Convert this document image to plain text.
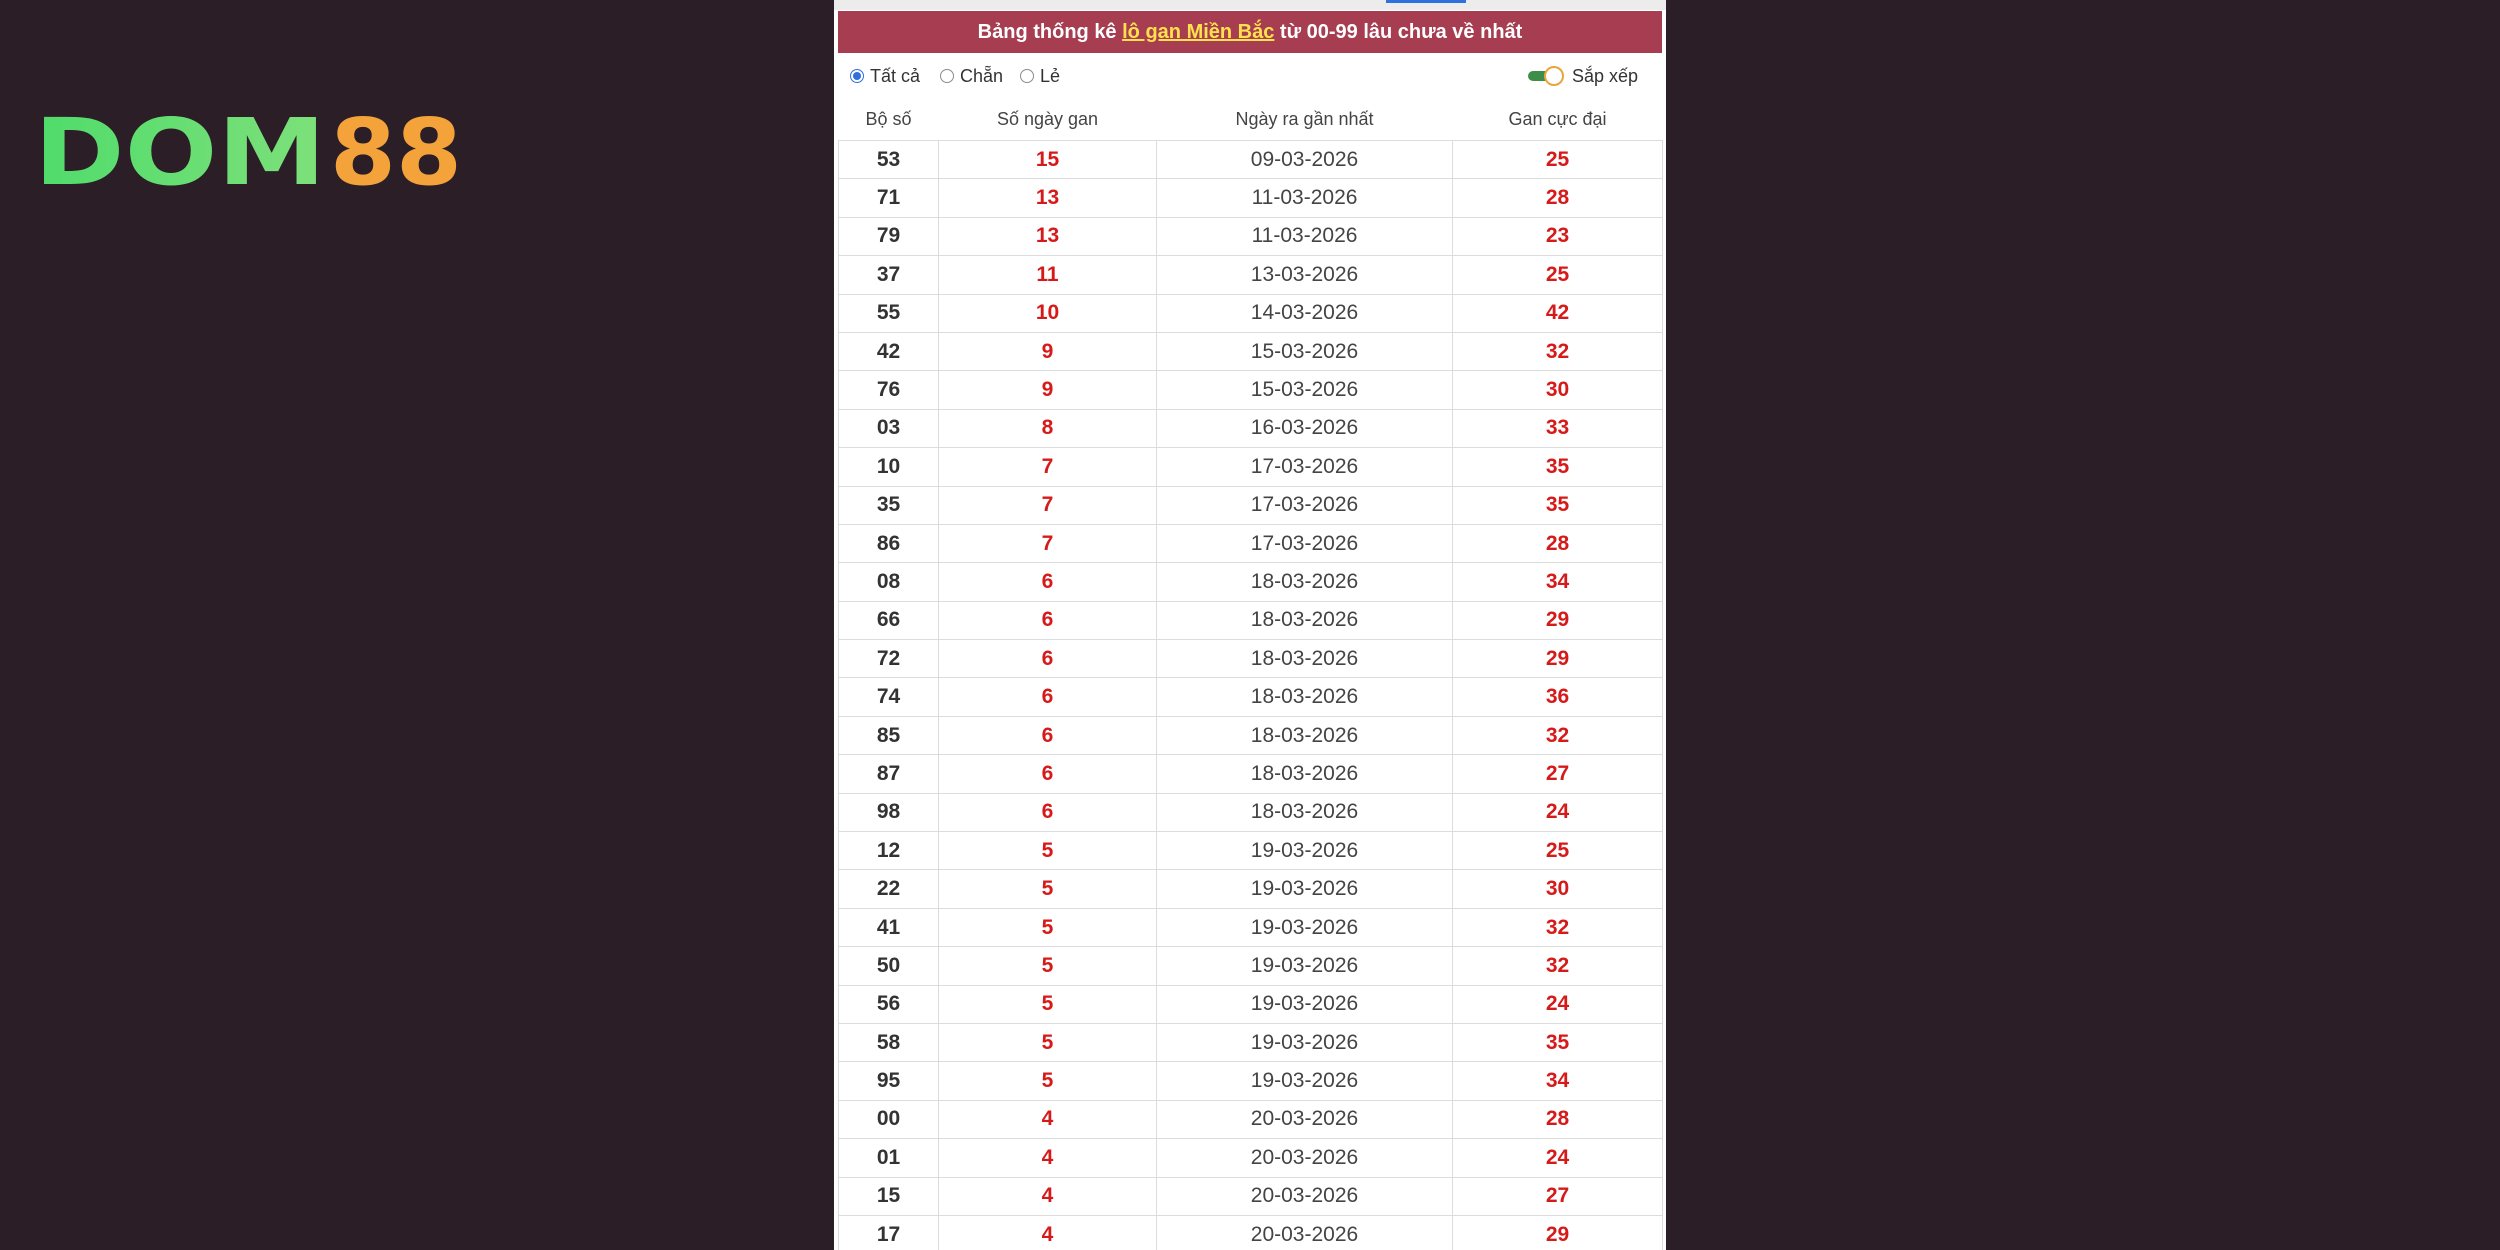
DOM 88
Bảng thống kê lô gan Miền Bắc từ 00-99 lâu chưa về nhất
Tất cả Chẵn Lẻ	Sắp xếp
Bộ số	Số ngày gan	Ngày ra gần nhất	Gan cực đại
53	15	09-03-2026	25
71	13	11-03-2026	28
79	13	11-03-2026	23
37	11	13-03-2026	25
55	10	14-03-2026	42
42	9	15-03-2026	32
76	9	15-03-2026	30
03	8	16-03-2026	33
10	7	17-03-2026	35
35	7	17-03-2026	35
86	7	17-03-2026	28
08	6	18-03-2026	34
66	6	18-03-2026	29
72	6	18-03-2026	29
74	6	18-03-2026	36
85	6	18-03-2026	32
87	6	18-03-2026	27
98	6	18-03-2026	24
12	5	19-03-2026	25
22	5	19-03-2026	30
41	5	19-03-2026	32
50	5	19-03-2026	32
56	5	19-03-2026	24
58	5	19-03-2026	35
95	5	19-03-2026	34
00	4	20-03-2026	28
01	4	20-03-2026	24
15	4	20-03-2026	27
17	4	20-03-2026	29
